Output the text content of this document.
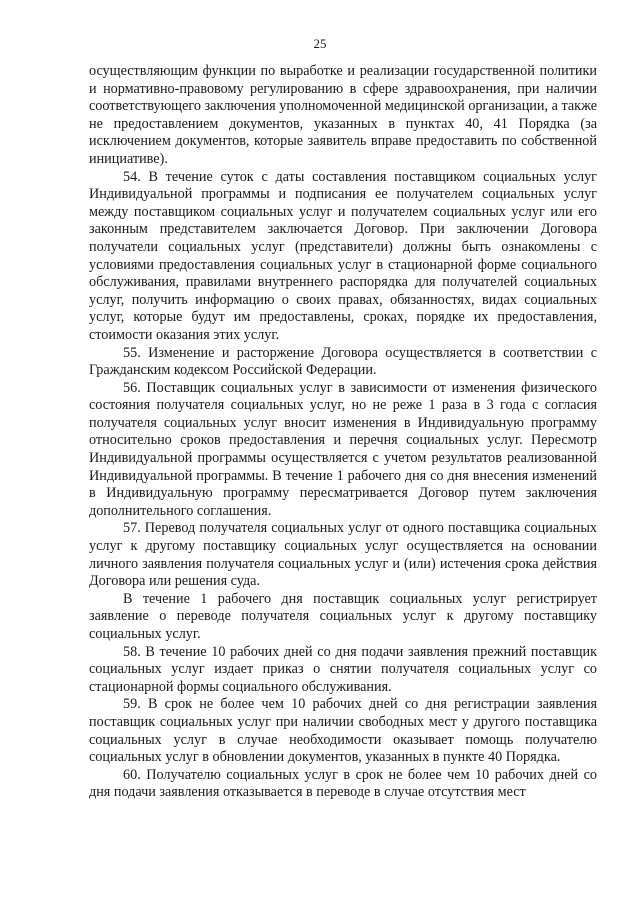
25

осуществляющим функции по выработке и реализации государственной политики и нормативно-правовому регулированию в сфере здравоохранения, при наличии соответствующего заключения уполномоченной медицинской организации, а также не предоставлением документов, указанных в пунктах 40, 41 Порядка (за исключением документов, которые заявитель вправе предоставить по собственной инициативе).

54. В течение суток с даты составления поставщиком социальных услуг Индивидуальной программы и подписания ее получателем социальных услуг между поставщиком социальных услуг и получателем социальных услуг или его законным представителем заключается Договор. При заключении Договора получатели социальных услуг (представители) должны быть ознакомлены с условиями предоставления социальных услуг в стационарной форме социального обслуживания, правилами внутреннего распорядка для получателей социальных услуг, получить информацию о своих правах, обязанностях, видах социальных услуг, которые будут им предоставлены, сроках, порядке их предоставления, стоимости оказания этих услуг.

55. Изменение и расторжение Договора осуществляется в соответствии с Гражданским кодексом Российской Федерации.

56. Поставщик социальных услуг в зависимости от изменения физического состояния получателя социальных услуг, но не реже 1 раза в 3 года с согласия получателя социальных услуг вносит изменения в Индивидуальную программу относительно сроков предоставления и перечня социальных услуг. Пересмотр Индивидуальной программы осуществляется с учетом результатов реализованной Индивидуальной программы. В течение 1 рабочего дня со дня внесения изменений в Индивидуальную программу пересматривается Договор путем заключения дополнительного соглашения.

57. Перевод получателя социальных услуг от одного поставщика социальных услуг к другому поставщику социальных услуг осуществляется на основании личного заявления получателя социальных услуг и (или) истечения срока действия Договора или решения суда.

В течение 1 рабочего дня поставщик социальных услуг регистрирует заявление о переводе получателя социальных услуг к другому поставщику социальных услуг.

58. В течение 10 рабочих дней со дня подачи заявления прежний поставщик социальных услуг издает приказ о снятии получателя социальных услуг со стационарной формы социального обслуживания.

59. В срок не более чем 10 рабочих дней со дня регистрации заявления поставщик социальных услуг при наличии свободных мест у другого поставщика социальных услуг в случае необходимости оказывает помощь получателю социальных услуг в обновлении документов, указанных в пункте 40 Порядка.

60. Получателю социальных услуг в срок не более чем 10 рабочих дней со дня подачи заявления отказывается в переводе в случае отсутствия мест
